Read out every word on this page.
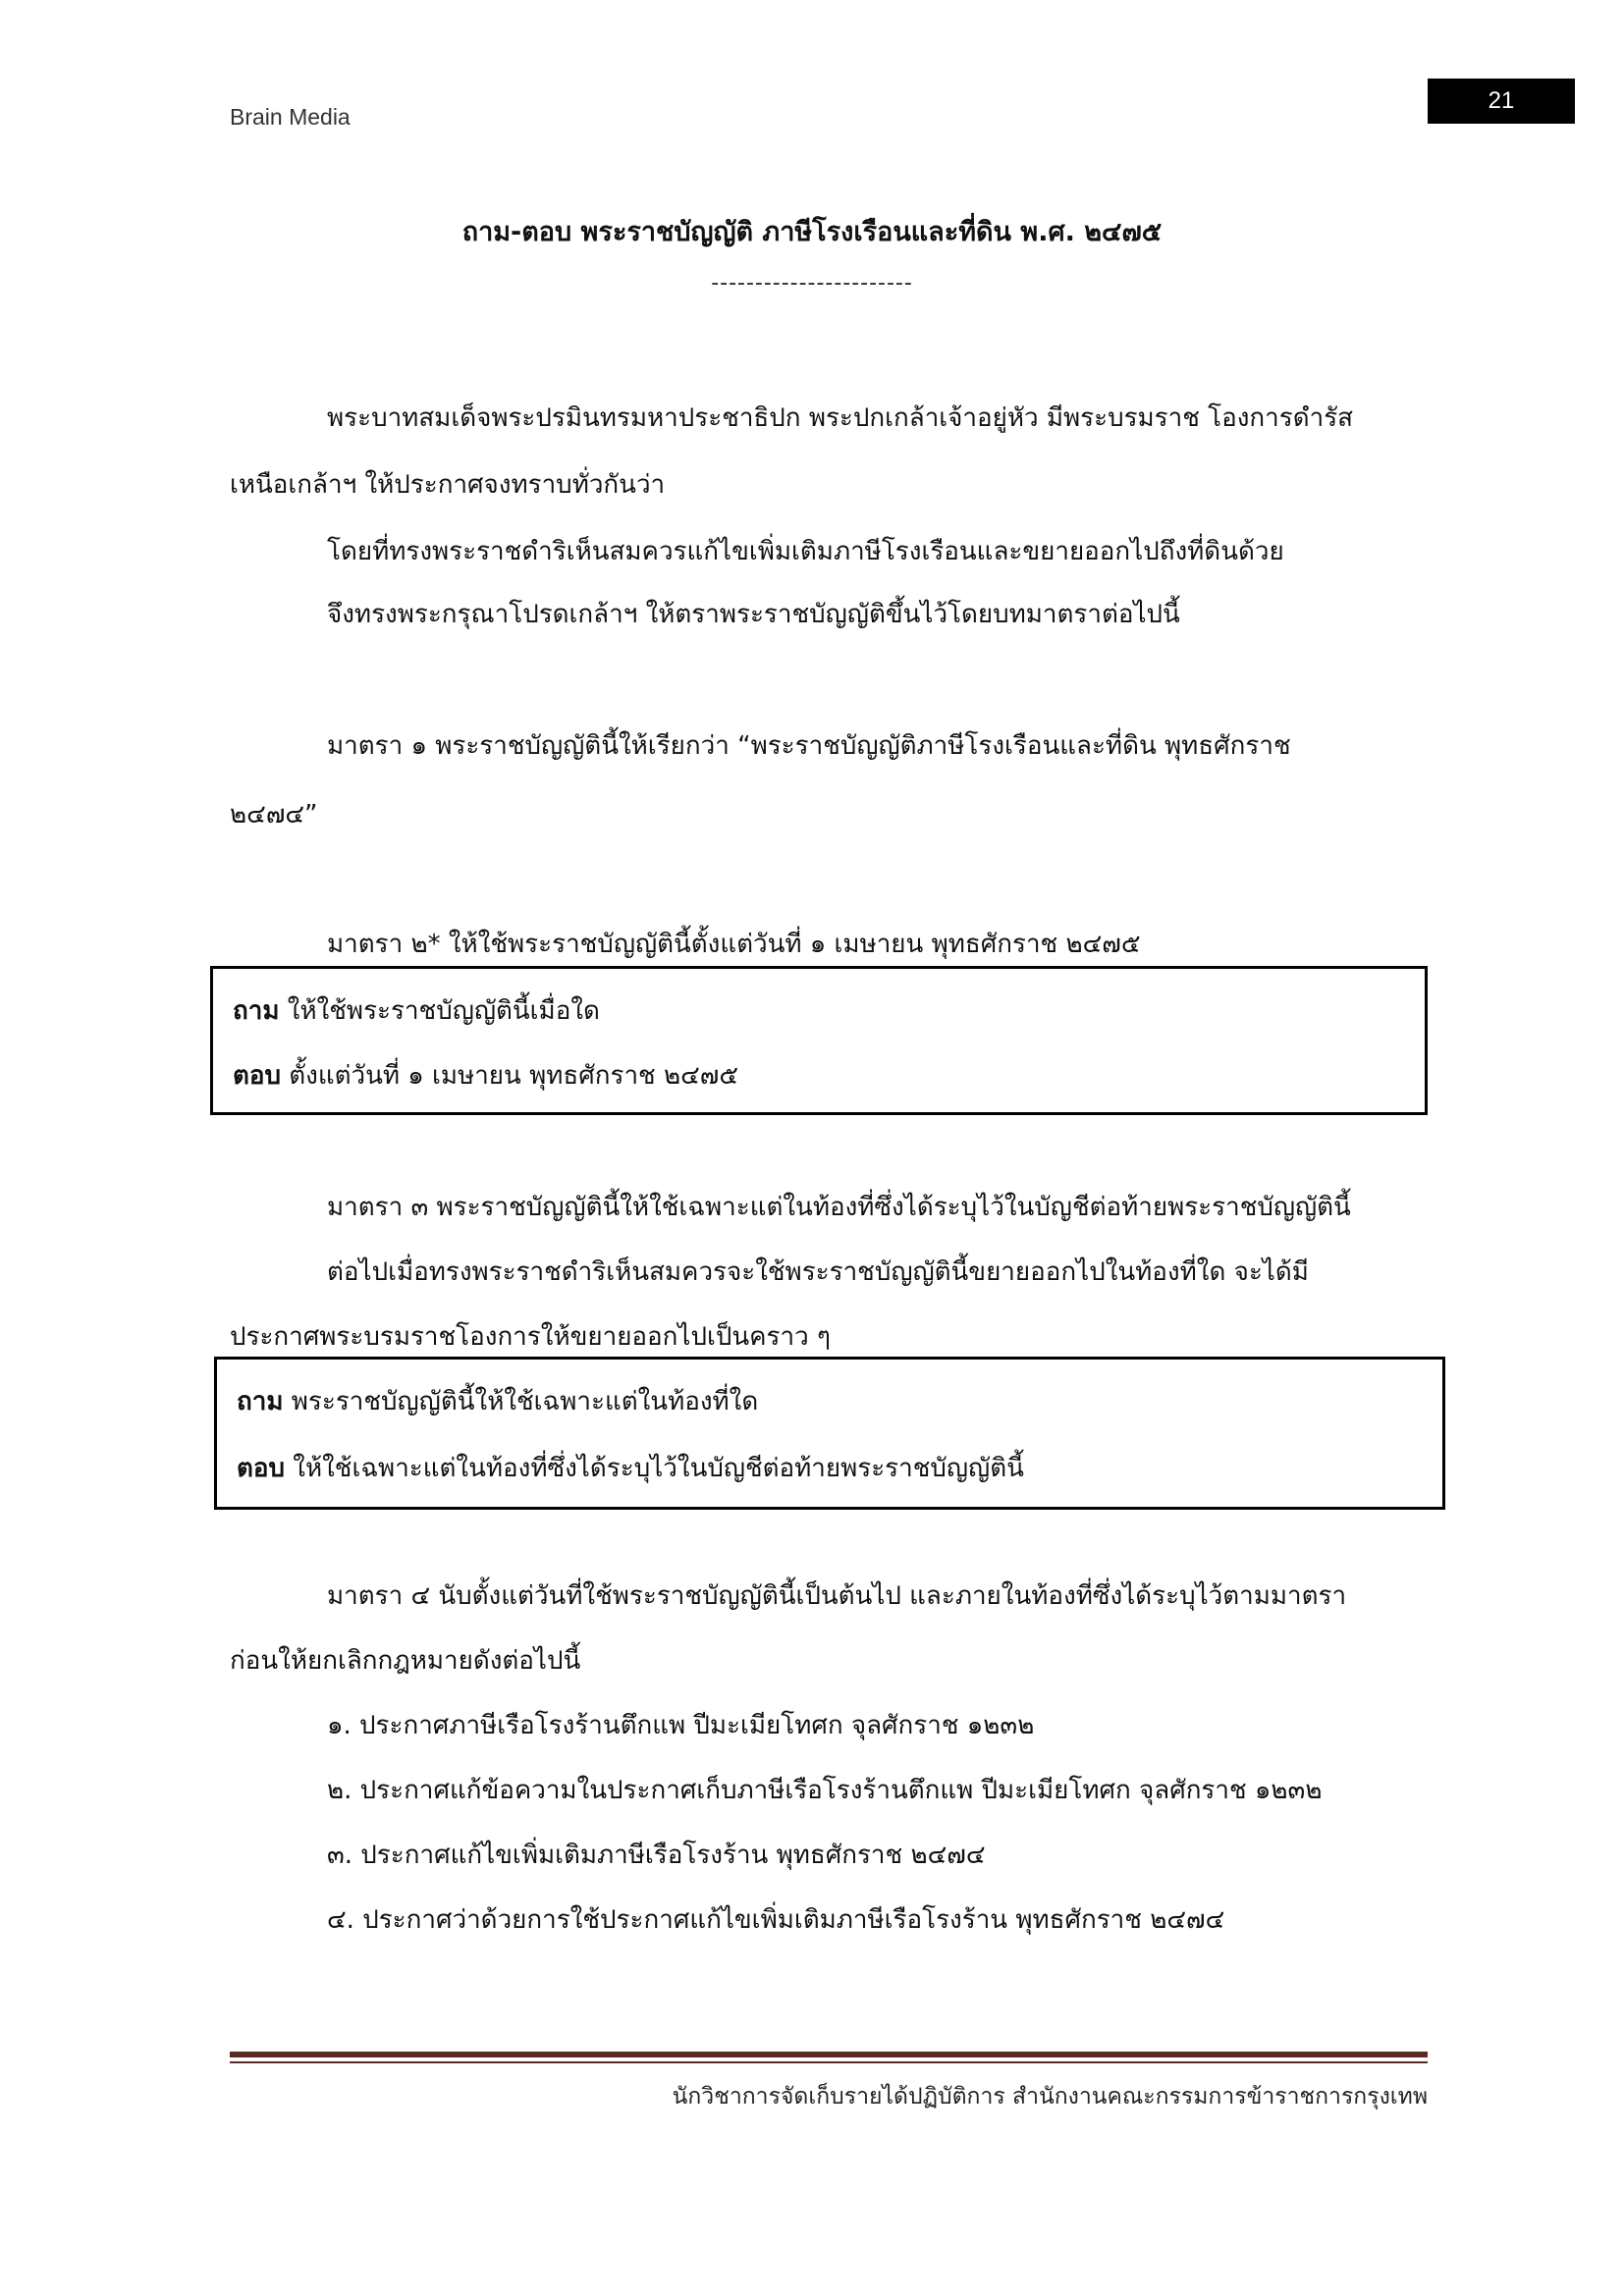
Brain Media
21
ถาม-ตอบ พระราชบัญญัติ ภาษีโรงเรือนและที่ดิน พ.ศ. ๒๔๗๕
-----------------------
พระบาทสมเด็จพระปรมินทรมหาประชาธิปก พระปกเกล้าเจ้าอยู่หัว มีพระบรมราช โองการดำรัส
เหนือเกล้าฯ ให้ประกาศจงทราบทั่วกันว่า
โดยที่ทรงพระราชดำริเห็นสมควรแก้ไขเพิ่มเติมภาษีโรงเรือนและขยายออกไปถึงที่ดินด้วย
จึงทรงพระกรุณาโปรดเกล้าฯ ให้ตราพระราชบัญญัติขึ้นไว้โดยบทมาตราต่อไปนี้
มาตรา ๑ พระราชบัญญัตินี้ให้เรียกว่า “พระราชบัญญัติภาษีโรงเรือนและที่ดิน พุทธศักราช
๒๔๗๔”
มาตรา ๒* ให้ใช้พระราชบัญญัตินี้ตั้งแต่วันที่ ๑ เมษายน พุทธศักราช ๒๔๗๕
ถาม ให้ใช้พระราชบัญญัตินี้เมื่อใด
ตอบ ตั้งแต่วันที่ ๑ เมษายน พุทธศักราช ๒๔๗๕
มาตรา ๓ พระราชบัญญัตินี้ให้ใช้เฉพาะแต่ในท้องที่ซึ่งได้ระบุไว้ในบัญชีต่อท้ายพระราชบัญญัตินี้
ต่อไปเมื่อทรงพระราชดำริเห็นสมควรจะใช้พระราชบัญญัตินี้ขยายออกไปในท้องที่ใด จะได้มี
ประกาศพระบรมราชโองการให้ขยายออกไปเป็นคราว ๆ
ถาม พระราชบัญญัตินี้ให้ใช้เฉพาะแต่ในท้องที่ใด
ตอบ ให้ใช้เฉพาะแต่ในท้องที่ซึ่งได้ระบุไว้ในบัญชีต่อท้ายพระราชบัญญัตินี้
มาตรา ๔ นับตั้งแต่วันที่ใช้พระราชบัญญัตินี้เป็นต้นไป และภายในท้องที่ซึ่งได้ระบุไว้ตามมาตรา
ก่อนให้ยกเลิกกฎหมายดังต่อไปนี้
๑. ประกาศภาษีเรือโรงร้านตึกแพ ปีมะเมียโทศก จุลศักราช ๑๒๓๒
๒. ประกาศแก้ข้อความในประกาศเก็บภาษีเรือโรงร้านตึกแพ ปีมะเมียโทศก จุลศักราช ๑๒๓๒
๓. ประกาศแก้ไขเพิ่มเติมภาษีเรือโรงร้าน พุทธศักราช ๒๔๗๔
๔. ประกาศว่าด้วยการใช้ประกาศแก้ไขเพิ่มเติมภาษีเรือโรงร้าน พุทธศักราช ๒๔๗๔
นักวิชาการจัดเก็บรายได้ปฏิบัติการ สำนักงานคณะกรรมการข้าราชการกรุงเทพ
